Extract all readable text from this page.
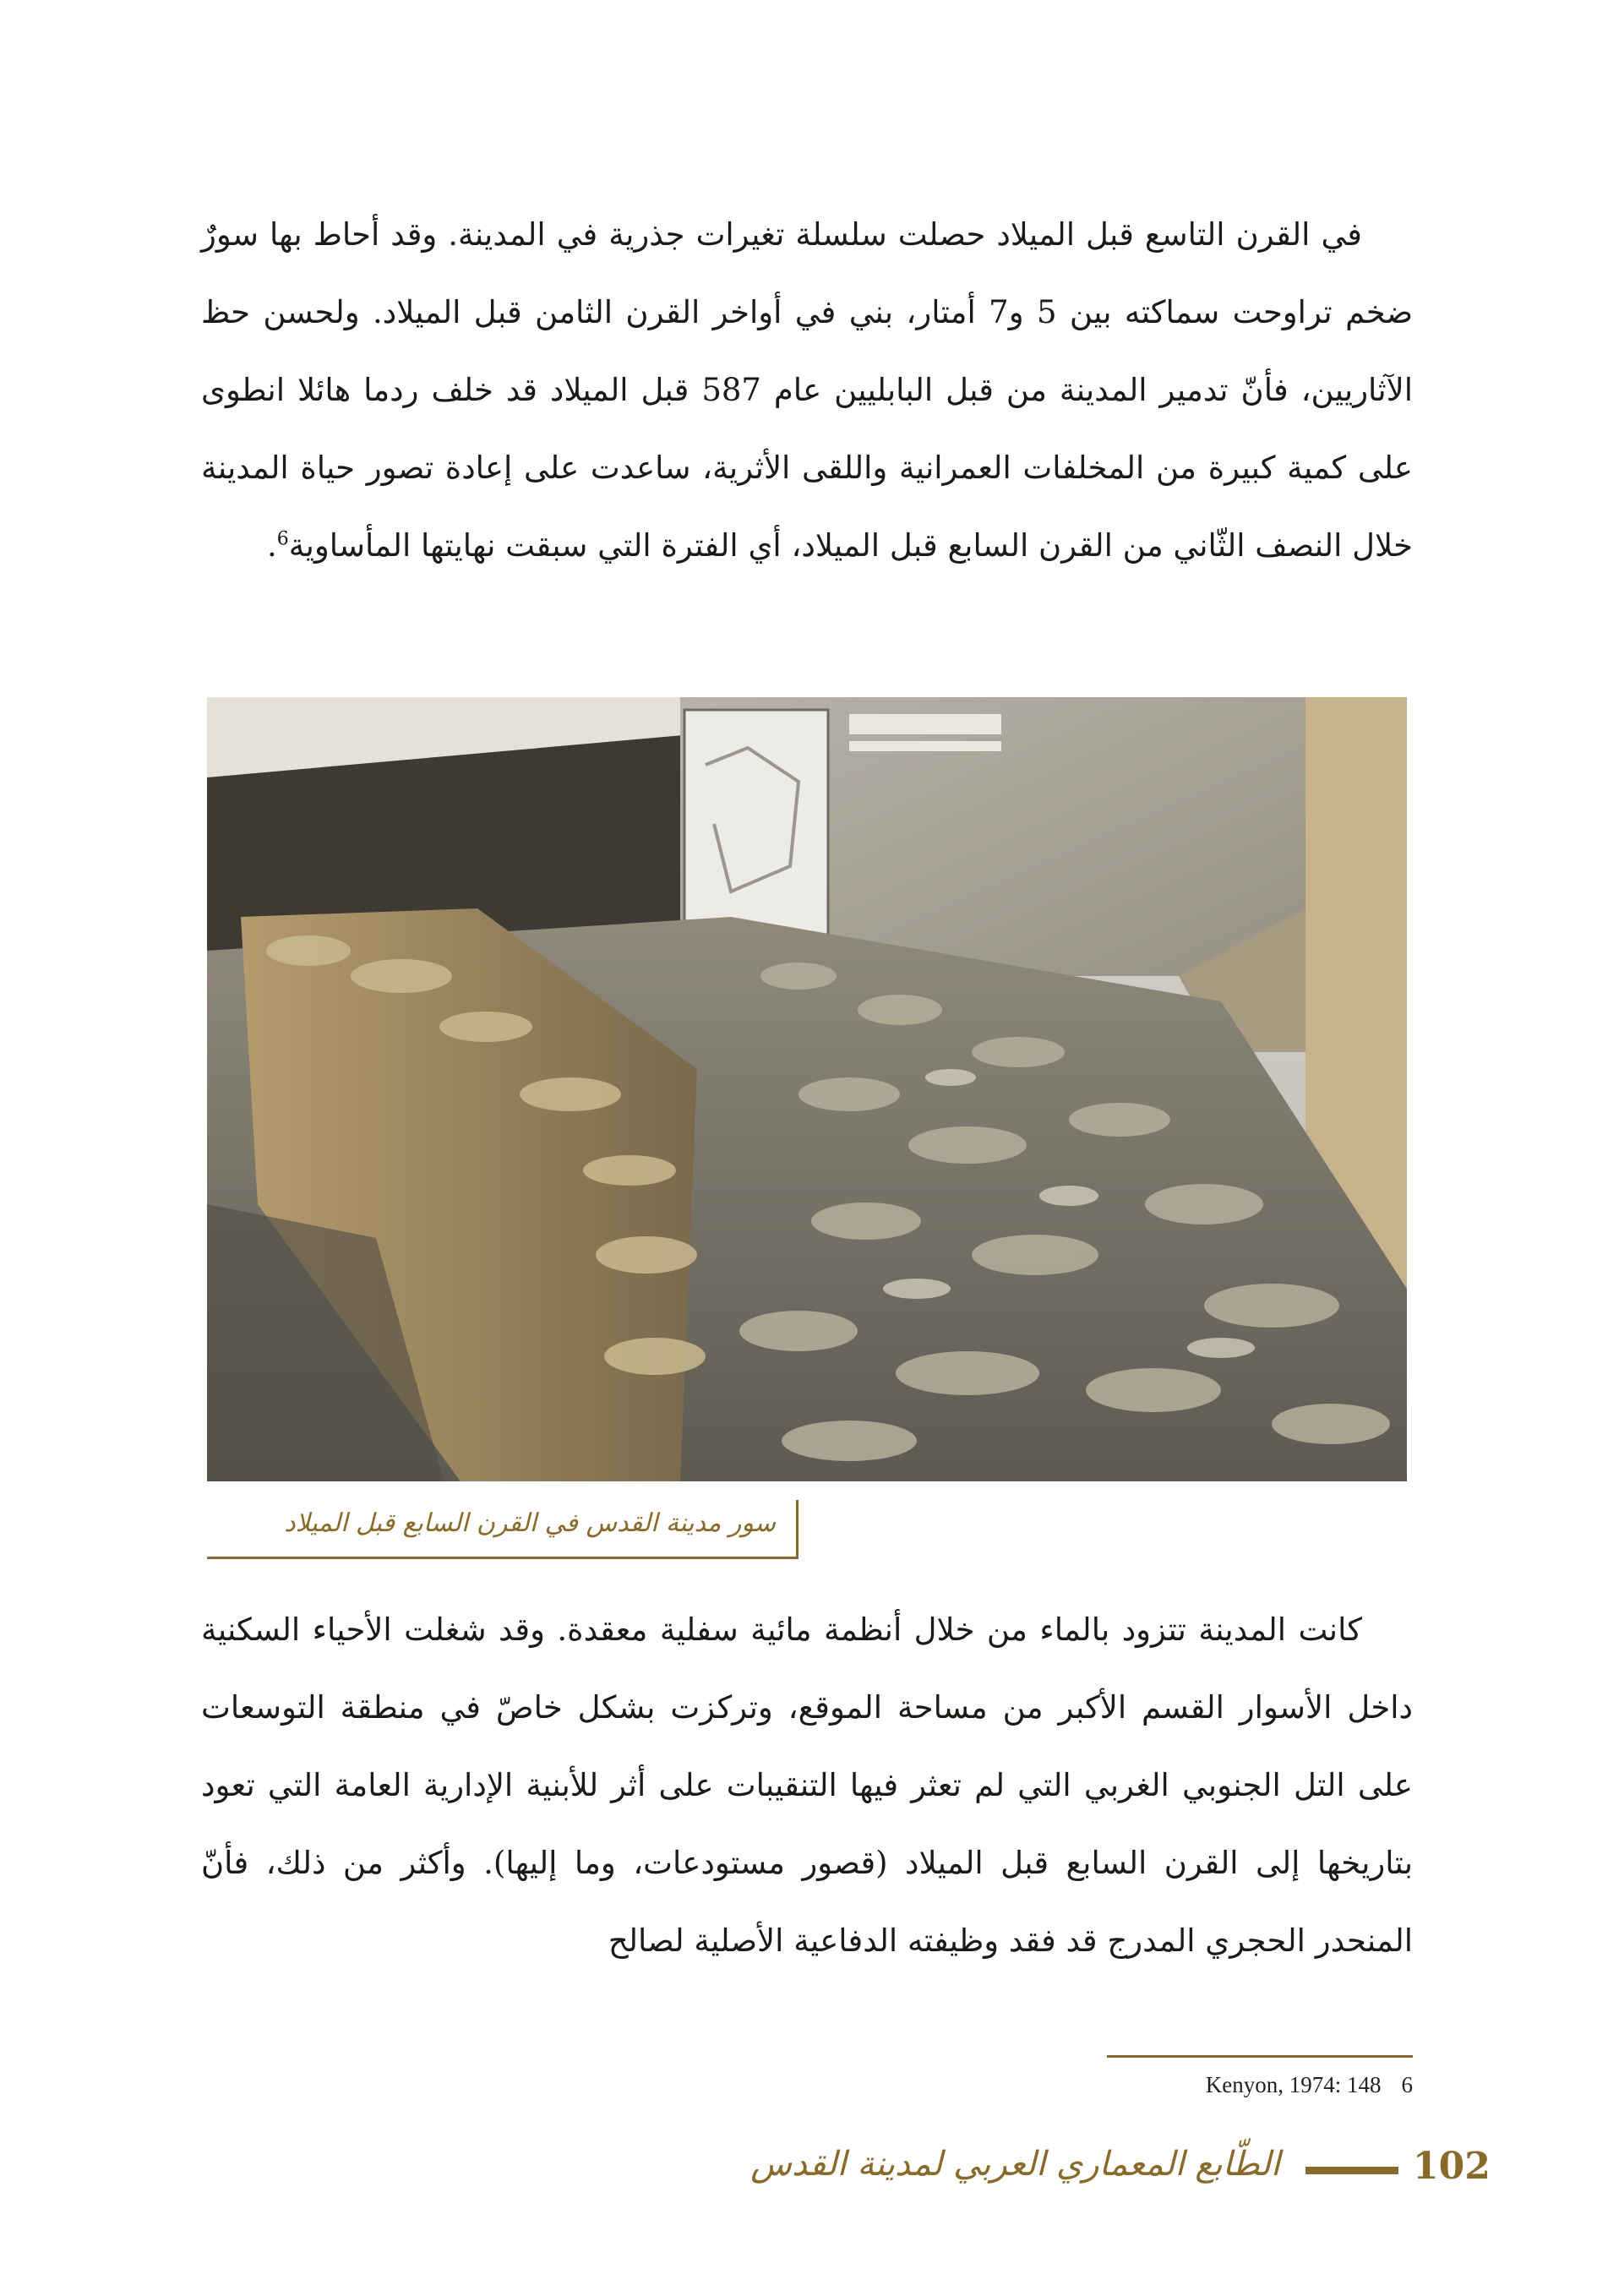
في القرن التاسع قبل الميلاد حصلت سلسلة تغيرات جذرية في المدينة. وقد أحاط بها سورٌ ضخم تراوحت سماكته بين 5 و7 أمتار، بني في أواخر القرن الثامن قبل الميلاد. ولحسن حظ الآثاريين، فأنّ تدمير المدينة من قبل البابليين عام 587 قبل الميلاد قد خلف ردما هائلا انطوى على كمية كبيرة من المخلفات العمرانية واللقى الأثرية، ساعدت على إعادة تصور حياة المدينة خلال النصف الثّاني من القرن السابع قبل الميلاد، أي الفترة التي سبقت نهايتها المأساوية$^6$.

سور مدينة القدس في القرن السابع قبل الميلاد

كانت المدينة تتزود بالماء من خلال أنظمة مائية سفلية معقدة. وقد شغلت الأحياء السكنية داخل الأسوار القسم الأكبر من مساحة الموقع، وتركزت بشكل خاصّ في منطقة التوسعات على التل الجنوبي الغربي التي لم تعثر فيها التنقيبات على أثر للأبنية الإدارية العامة التي تعود بتاريخها إلى القرن السابع قبل الميلاد (قصور مستودعات، وما إليها). وأكثر من ذلك، فأنّ المنحدر الحجري المدرج قد فقد وظيفته الدفاعية الأصلية لصالح

Kenyon, 1974: 148 6
102
الطّابع المعماري العربي لمدينة القدس
